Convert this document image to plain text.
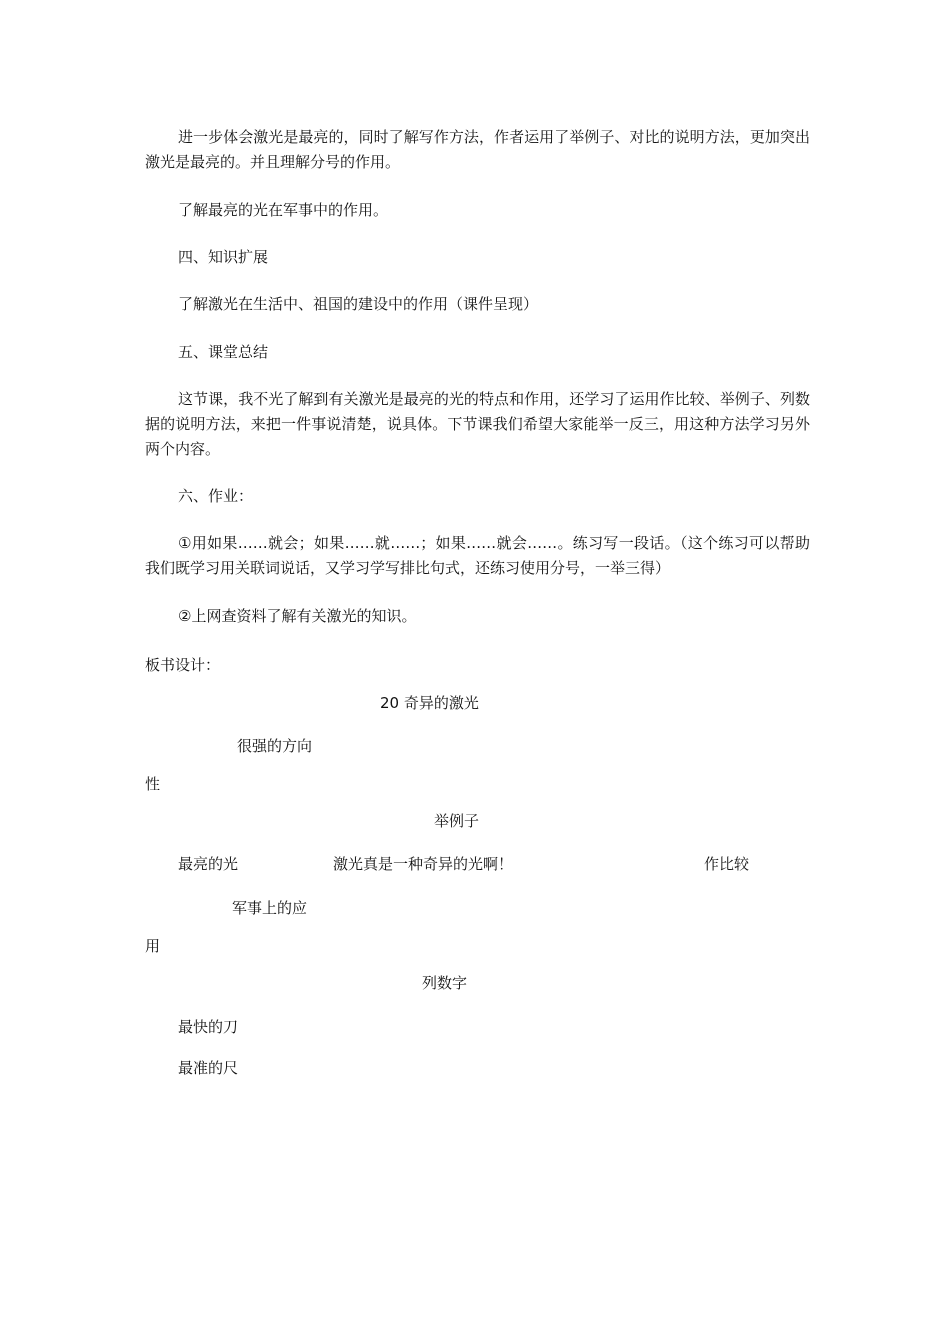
进一步体会激光是最亮的，同时了解写作方法，作者运用了举例子、对比的说明方法，更加突出激光是最亮的。并且理解分号的作用。

了解最亮的光在军事中的作用。

四、知识扩展

了解激光在生活中、祖国的建设中的作用（课件呈现）

五、课堂总结

这节课，我不光了解到有关激光是最亮的光的特点和作用，还学习了运用作比较、举例子、列数据的说明方法，来把一件事说清楚，说具体。下节课我们希望大家能举一反三，用这种方法学习另外两个内容。

六、作业：

①用如果……就会；如果……就……；如果……就会……。练习写一段话。（这个练习可以帮助我们既学习用关联词说话，又学习学写排比句式，还练习使用分号，一举三得）

②上网查资料了解有关激光的知识。

板书设计：
20 奇异的激光
很强的方向
性
举例子
最亮的光	激光真是一种奇异的光啊！	作比较
军事上的应
用
列数字
最快的刀
最准的尺
